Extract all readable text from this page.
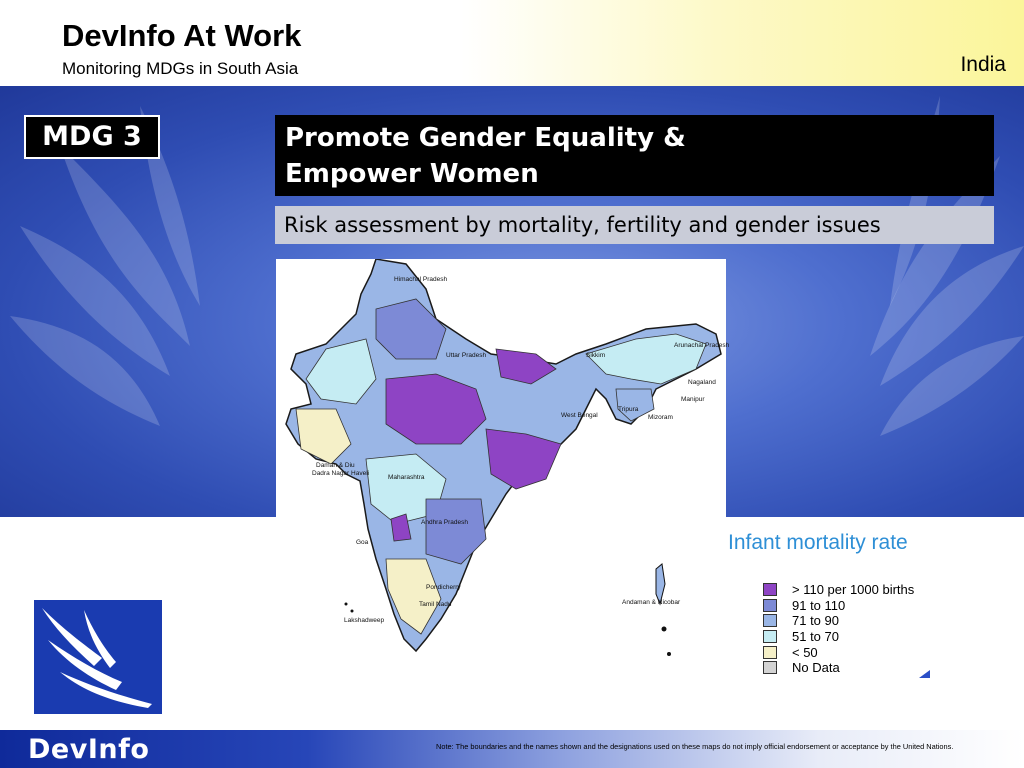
DevInfo At Work
Monitoring MDGs in South Asia	India
MDG 3	Promote Gender Equality &
Empower Women
Risk assessment by mortality, fertility and gender issues
Himachal Pradesh
Uttar Pradesh	Sikkim
Arunachal Pradesh
Nagaland
Manipur
Tripura
Mizoram
West Bengal
Daman & Diu
Dadra Nagar Haveli
Maharashtra
Andhra Pradesh
Goa
Pondicherry
Tamil Nadu
Lakshadweep
Andaman & Nicobar
Infant mortality rate
> 110 per 1000 births
91 to 110
71 to 90
51 to 70
< 50
No Data
DevInfo	Note: The boundaries and the names shown and the designations used on these maps do not imply official endorsement or acceptance by the United Nations.
